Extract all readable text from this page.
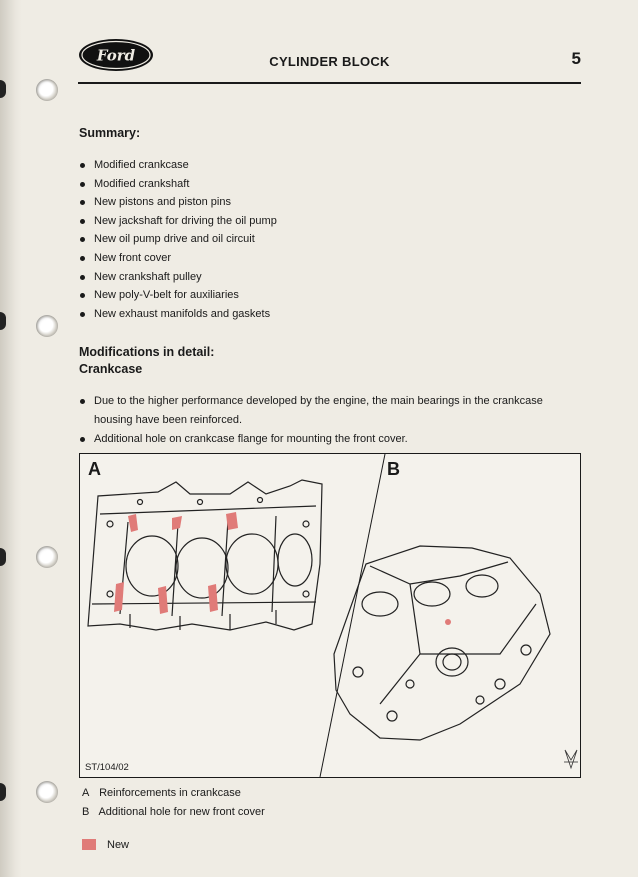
Ford	CYLINDER BLOCK	5
Summary:
Modified crankcase
Modified crankshaft
New pistons and piston pins
New jackshaft for driving the oil pump
New oil pump drive and oil circuit
New front cover
New crankshaft pulley
New poly-V-belt for auxiliaries
New exhaust manifolds and gaskets
Modifications in detail:
Crankcase
Due to the higher performance developed by the engine, the main bearings in the crankcase housing have been reinforced.
Additional hole on crankcase flange for mounting the front cover.
A	B
ST/104/02
A Reinforcements in crankcase
B Additional hole for new front cover
New
